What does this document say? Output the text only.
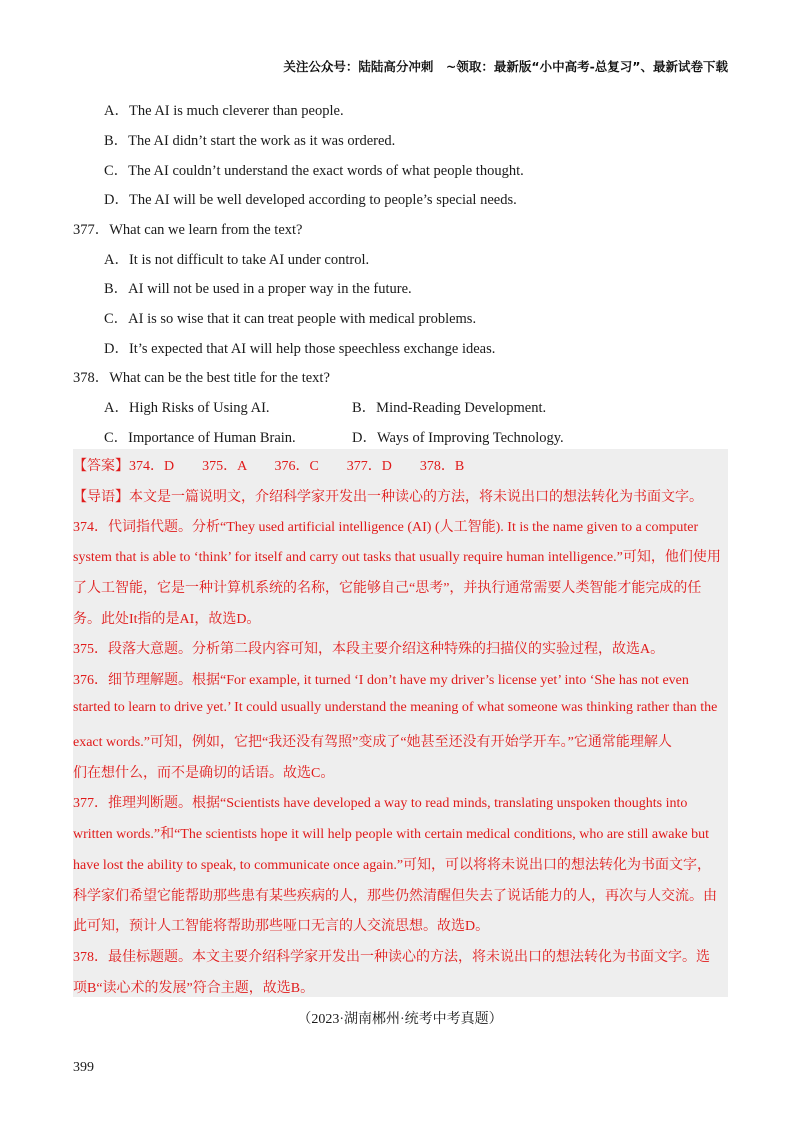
关注公众号：陆陆高分冲刺　~领取：最新版“小中高考-总复习”、最新试卷下载
A．The AI is much cleverer than people.
B．The AI didn’t start the work as it was ordered.
C．The AI couldn’t understand the exact words of what people thought.
D．The AI will be well developed according to people’s special needs.
377．What can we learn from the text?
A．It is not difficult to take AI under control.
B．AI will not be used in a proper way in the future.
C．AI is so wise that it can treat people with medical problems.
D．It’s expected that AI will help those speechless exchange ideas.
378．What can be the best title for the text?
A．High Risks of Using AI.	B．Mind-Reading Development.
C．Importance of Human Brain.	D．Ways of Improving Technology.
【答案】374．D　　375．A　　376．C　　377．D　　378．B
【导语】本文是一篇说明文，介绍科学家开发出一种读心的方法，将未说出口的想法转化为书面文字。
374．代词指代题。分析“They used artificial intelligence (AI) (人工智能). It is the name given to a computer
system that is able to ‘think’ for itself and carry out tasks that usually require human intelligence.”可知，他们使用
了人工智能，它是一种计算机系统的名称，它能够自己“思考”，并执行通常需要人类智能才能完成的任
务。此处It指的是AI，故选D。
375．段落大意题。分析第二段内容可知，本段主要介绍这种特殊的扫描仪的实验过程，故选A。
376．细节理解题。根据“For example, it turned ‘I don’t have my driver’s license yet’ into ‘She has not even
started to learn to drive yet.’ It could usually understand the meaning of what someone was thinking rather than the
exact words.”可知，例如，它把“我还没有驾照”变成了“她甚至还没有开始学开车。”它通常能理解人
们在想什么，而不是确切的话语。故选C。
377．推理判断题。根据“Scientists have developed a way to read minds, translating unspoken thoughts into
written words.”和“The scientists hope it will help people with certain medical conditions, who are still awake but
have lost the ability to speak, to communicate once again.”可知，可以将将未说出口的想法转化为书面文字，
科学家们希望它能帮助那些患有某些疾病的人，那些仍然清醒但失去了说话能力的人，再次与人交流。由
此可知，预计人工智能将帮助那些哑口无言的人交流思想。故选D。
378．最佳标题题。本文主要介绍科学家开发出一种读心的方法，将未说出口的想法转化为书面文字。选
项B“读心术的发展”符合主题，故选B。
（2023·湖南郴州·统考中考真题）
399
